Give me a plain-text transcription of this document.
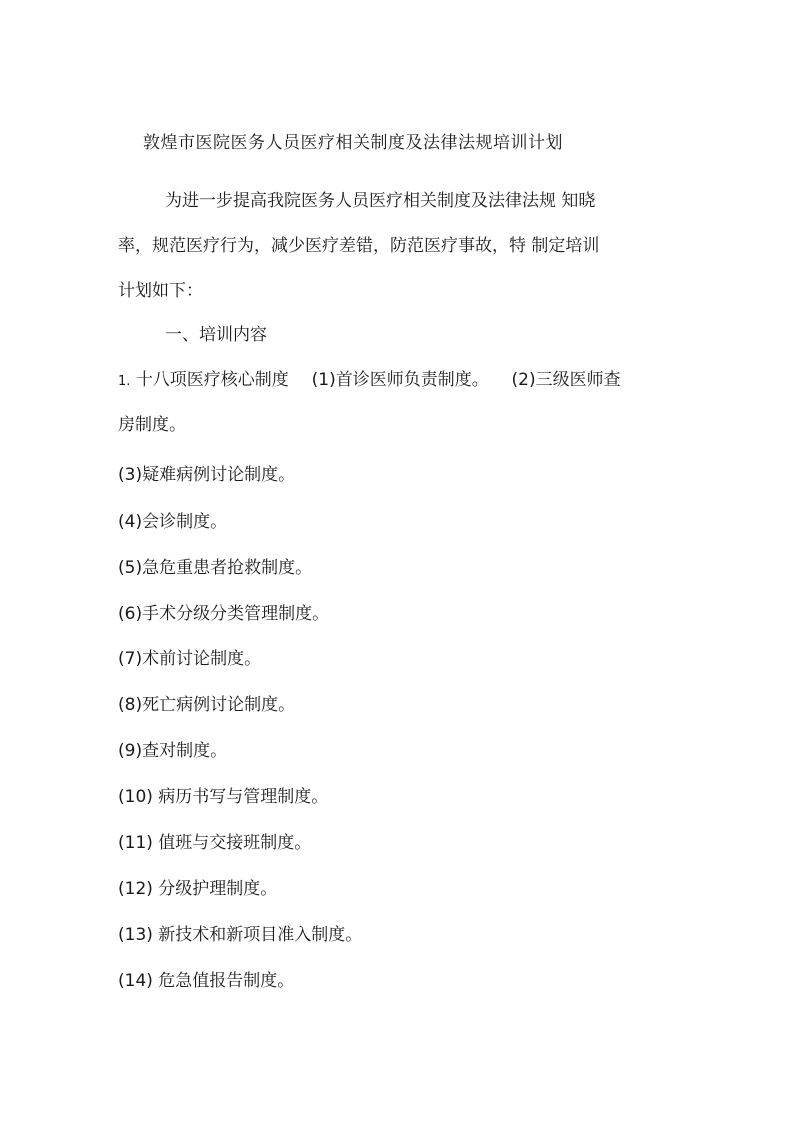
敦煌市医院医务人员医疗相关制度及法律法规培训计划
为进一步提高我院医务人员医疗相关制度及法律法规 知晓
率，规范医疗行为，减少医疗差错，防范医疗事故，特 制定培训
计划如下：
一、培训内容
1. 十八项医疗核心制度 (1)首诊医师负责制度。 (2)三级医师查
房制度。
(3)疑难病例讨论制度。
(4)会诊制度。
(5)急危重患者抢救制度。
(6)手术分级分类管理制度。
(7)术前讨论制度。
(8)死亡病例讨论制度。
(9)查对制度。
(10) 病历书写与管理制度。
(11) 值班与交接班制度。
(12) 分级护理制度。
(13) 新技术和新项目准入制度。
(14) 危急值报告制度。
